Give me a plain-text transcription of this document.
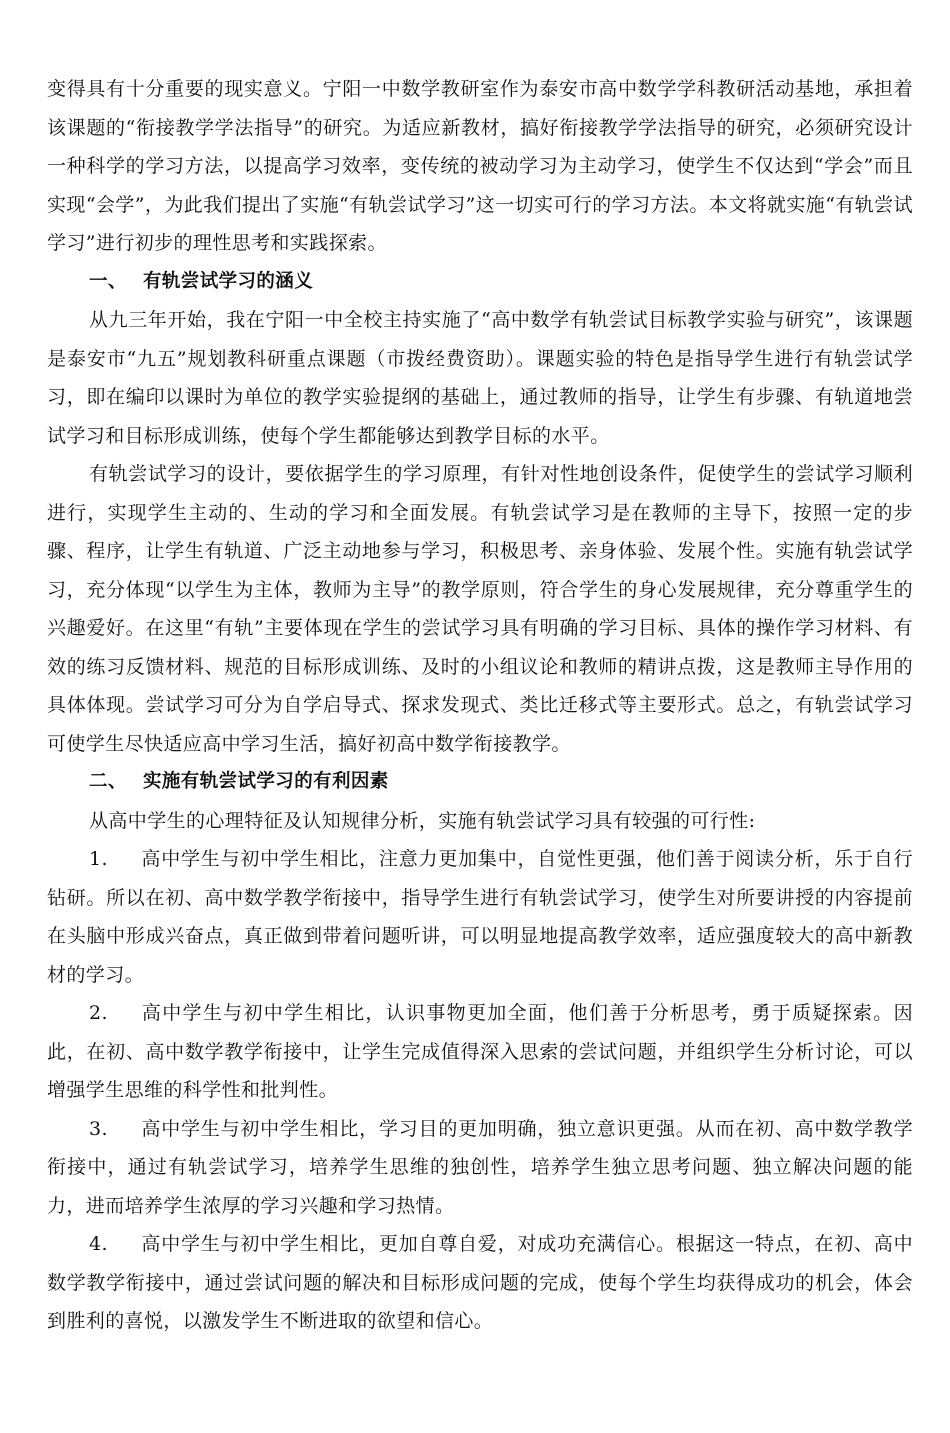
变得具有十分重要的现实意义。宁阳一中数学教研室作为泰安市高中数学学科教研活动基地，承担着该课题的“衔接教学学法指导”的研究。为适应新教材，搞好衔接教学学法指导的研究，必须研究设计一种科学的学习方法，以提高学习效率，变传统的被动学习为主动学习，使学生不仅达到“学会”而且实现“会学”，为此我们提出了实施“有轨尝试学习”这一切实可行的学习方法。本文将就实施“有轨尝试学习”进行初步的理性思考和实践探索。

一、 有轨尝试学习的涵义

从九三年开始，我在宁阳一中全校主持实施了“高中数学有轨尝试目标教学实验与研究”，该课题是泰安市“九五”规划教科研重点课题（市拨经费资助）。课题实验的特色是指导学生进行有轨尝试学习，即在编印以课时为单位的教学实验提纲的基础上，通过教师的指导，让学生有步骤、有轨道地尝试学习和目标形成训练，使每个学生都能够达到教学目标的水平。

有轨尝试学习的设计，要依据学生的学习原理，有针对性地创设条件，促使学生的尝试学习顺利进行，实现学生主动的、生动的学习和全面发展。有轨尝试学习是在教师的主导下，按照一定的步骤、程序，让学生有轨道、广泛主动地参与学习，积极思考、亲身体验、发展个性。实施有轨尝试学习，充分体现“以学生为主体，教师为主导”的教学原则，符合学生的身心发展规律，充分尊重学生的兴趣爱好。在这里“有轨”主要体现在学生的尝试学习具有明确的学习目标、具体的操作学习材料、有效的练习反馈材料、规范的目标形成训练、及时的小组议论和教师的精讲点拨，这是教师主导作用的具体体现。尝试学习可分为自学启导式、探求发现式、类比迁移式等主要形式。总之，有轨尝试学习可使学生尽快适应高中学习生活，搞好初高中数学衔接教学。

二、 实施有轨尝试学习的有利因素

从高中学生的心理特征及认知规律分析，实施有轨尝试学习具有较强的可行性:

1. 高中学生与初中学生相比，注意力更加集中，自觉性更强，他们善于阅读分析，乐于自行钻研。所以在初、高中数学教学衔接中，指导学生进行有轨尝试学习，使学生对所要讲授的内容提前在头脑中形成兴奋点，真正做到带着问题听讲，可以明显地提高教学效率，适应强度较大的高中新教材的学习。

2. 高中学生与初中学生相比，认识事物更加全面，他们善于分析思考，勇于质疑探索。因此，在初、高中数学教学衔接中，让学生完成值得深入思索的尝试问题，并组织学生分析讨论，可以增强学生思维的科学性和批判性。

3. 高中学生与初中学生相比，学习目的更加明确，独立意识更强。从而在初、高中数学教学衔接中，通过有轨尝试学习，培养学生思维的独创性，培养学生独立思考问题、独立解决问题的能力，进而培养学生浓厚的学习兴趣和学习热情。

4. 高中学生与初中学生相比，更加自尊自爱，对成功充满信心。根据这一特点，在初、高中数学教学衔接中，通过尝试问题的解决和目标形成问题的完成，使每个学生均获得成功的机会，体会到胜利的喜悦，以激发学生不断进取的欲望和信心。
